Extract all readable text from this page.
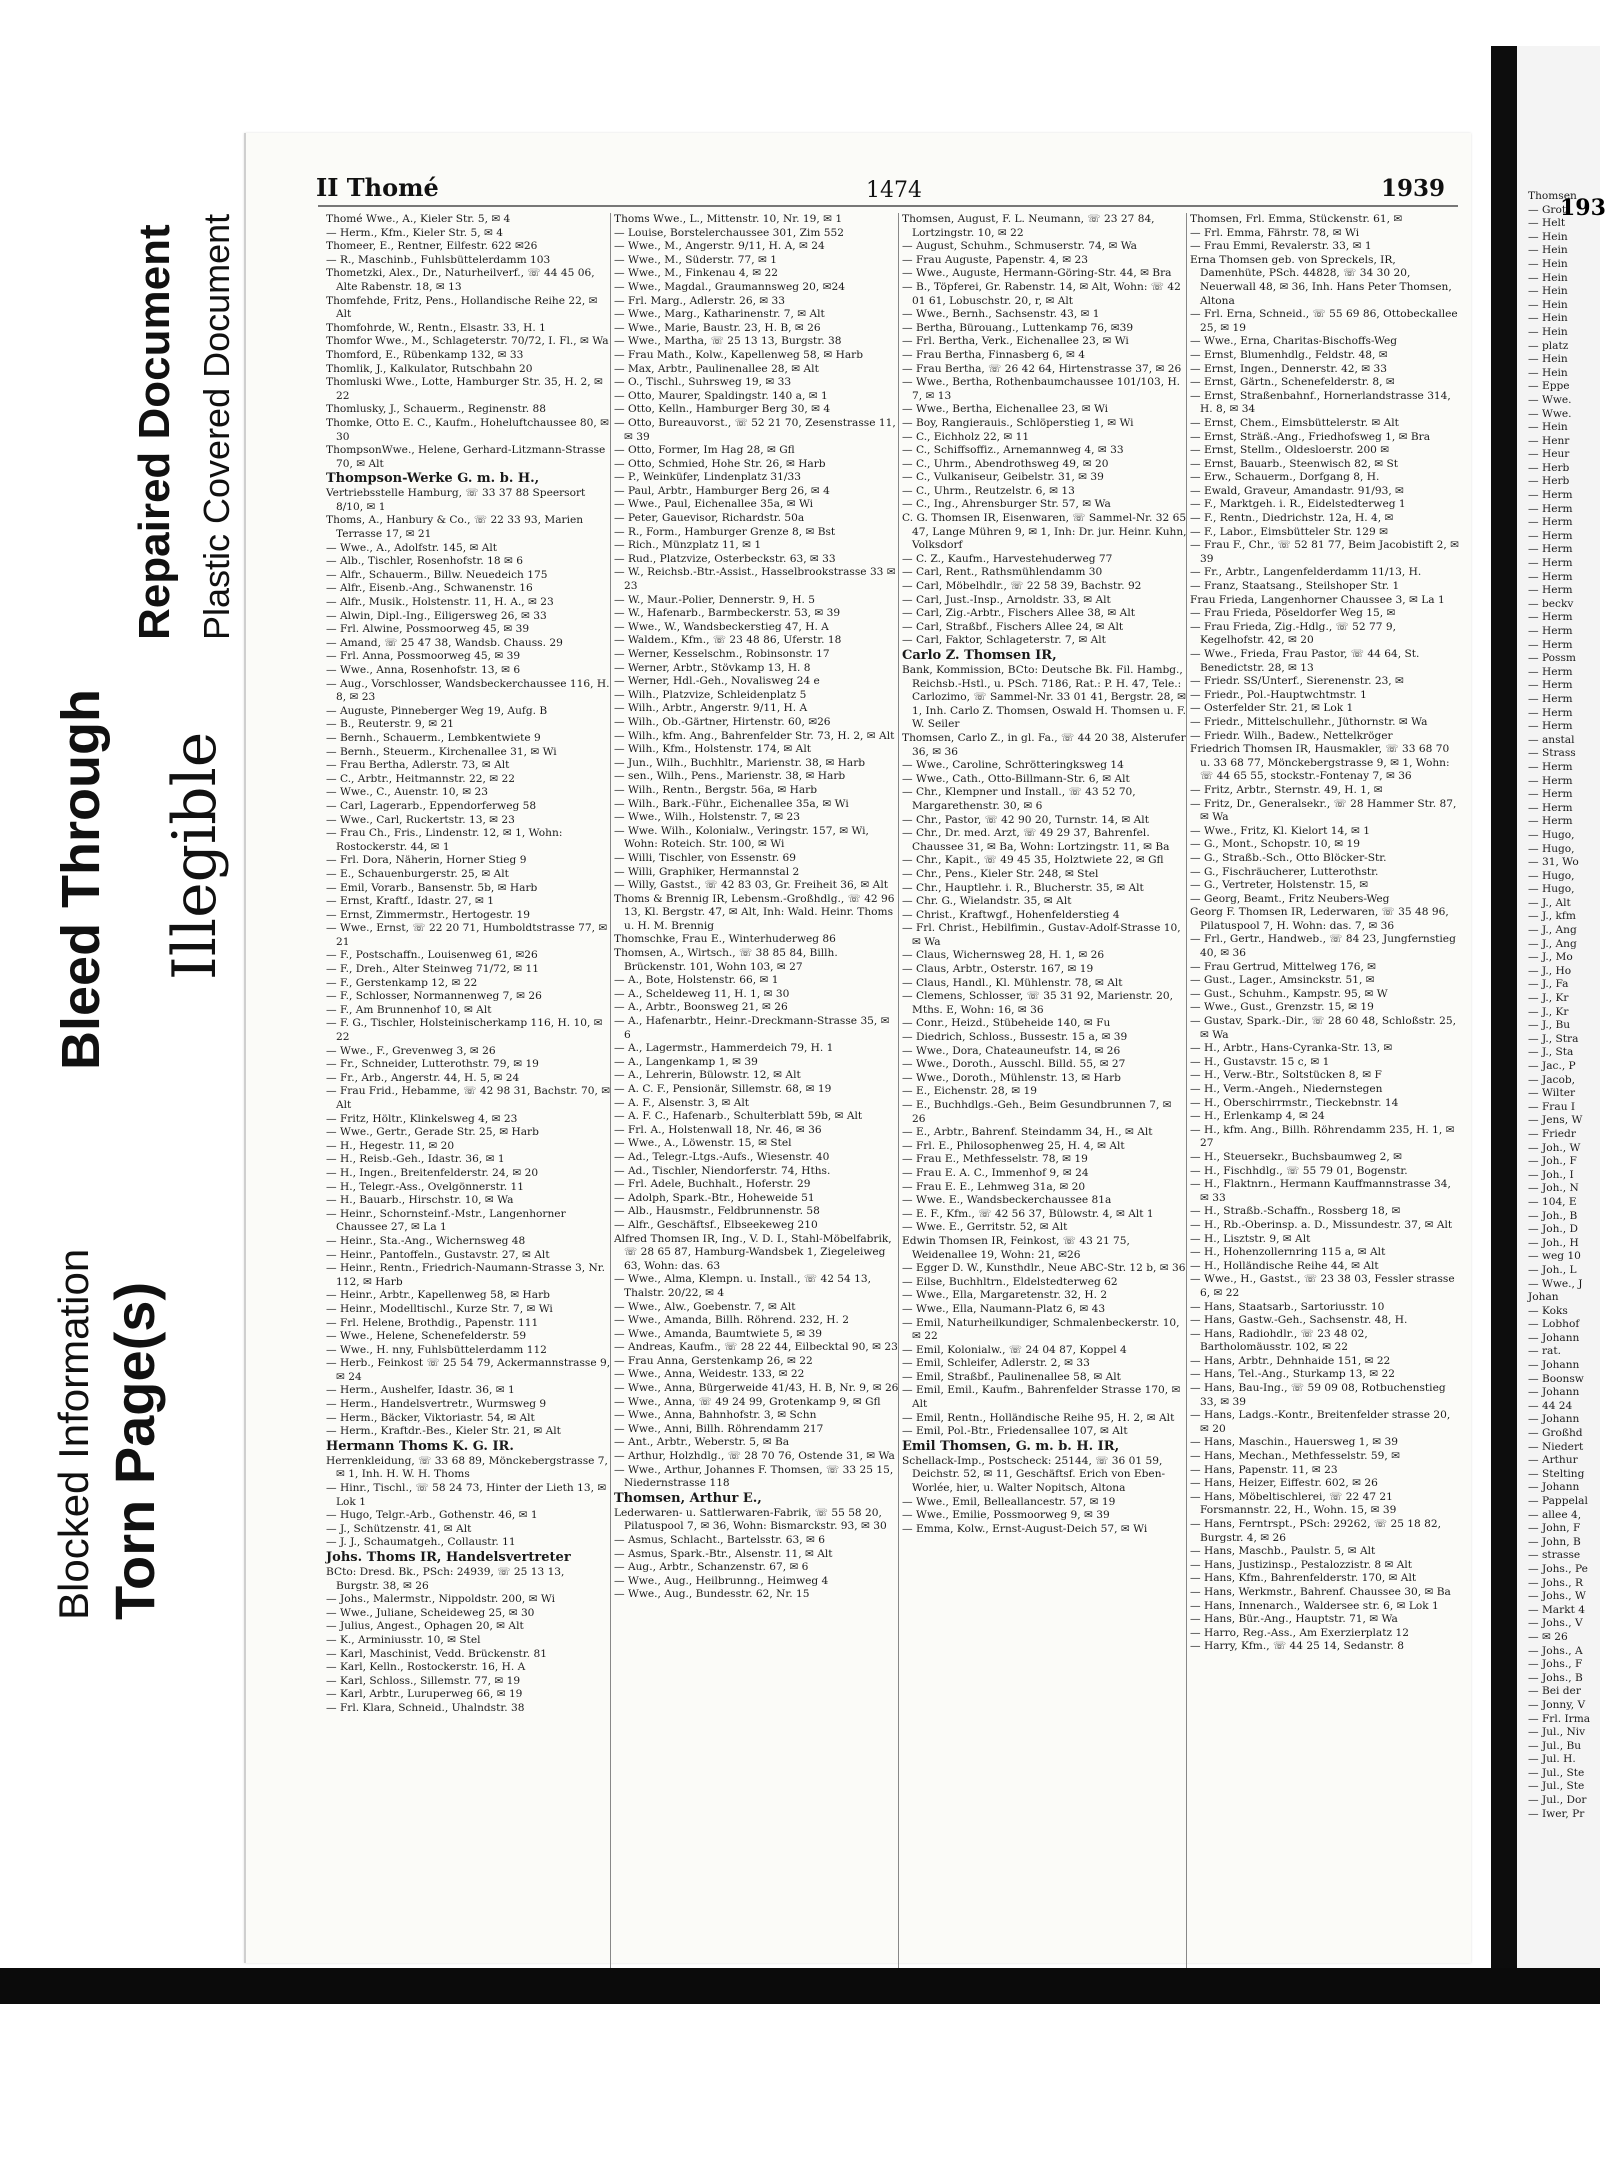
Blocked Information Torn Page(s)
Bleed Through Illegible
Repaired Document Plastic Covered Document
II Thomé	1474	1939
Thomé Wwe., A., Kieler Str. 5, ✉ 4
— Herm., Kfm., Kieler Str. 5, ✉ 4
Thomeer, E., Rentner, Eilfestr. 622 ✉26
— R., Maschinb., Fuhlsbüttelerdamm 103
Thometzki, Alex., Dr., Naturheilverf., ☏ 44 45 06, Alte Rabenstr. 18, ✉ 13
Thomfehde, Fritz, Pens., Hollandische Reihe 22, ✉ Alt
Thomfohrde, W., Rentn., Elsastr. 33, H. 1
Thomfor Wwe., M., Schlageterstr. 70/72, I. Fl., ✉ Wa
Thomford, E., Rübenkamp 132, ✉ 33
Thomlik, J., Kalkulator, Rutschbahn 20
Thomluski Wwe., Lotte, Hamburger Str. 35, H. 2, ✉ 22
Thomlusky, J., Schauerm., Reginenstr. 88
Thomke, Otto E. C., Kaufm., Hoheluftchaussee 80, ✉ 30
ThompsonWwe., Helene, Gerhard-Litzmann-Strasse 70, ✉ Alt
Thompson-Werke G. m. b. H.,
Vertriebsstelle Hamburg, ☏ 33 37 88 Speersort 8/10, ✉ 1
Thoms, A., Hanbury & Co., ☏ 22 33 93, Marien Terrasse 17, ✉ 21
— Wwe., A., Adolfstr. 145, ✉ Alt
— Alb., Tischler, Rosenhofstr. 18 ✉ 6
— Alfr., Schauerm., Billw. Neuedeich 175
— Alfr., Eisenb.-Ang., Schwanenstr. 16
— Alfr., Musik., Holstenstr. 11, H. A., ✉ 23
— Alwin, Dipl.-Ing., Eiligersweg 26, ✉ 33
— Frl. Alwine, Possmoorweg 45, ✉ 39
— Amand, ☏ 25 47 38, Wandsb. Chauss. 29
— Frl. Anna, Possmoorweg 45, ✉ 39
— Wwe., Anna, Rosenhofstr. 13, ✉ 6
— Aug., Vorschlosser, Wandsbeckerchaussee 116, H. 8, ✉ 23
— Auguste, Pinneberger Weg 19, Aufg. B
— B., Reuterstr. 9, ✉ 21
— Bernh., Schauerm., Lembkentwiete 9
— Bernh., Steuerm., Kirchenallee 31, ✉ Wi
— Frau Bertha, Adlerstr. 73, ✉ Alt
— C., Arbtr., Heitmannstr. 22, ✉ 22
— Wwe., C., Auenstr. 10, ✉ 23
— Carl, Lagerarb., Eppendorferweg 58
— Wwe., Carl, Ruckertstr. 13, ✉ 23
— Frau Ch., Fris., Lindenstr. 12, ✉ 1, Wohn: Rostockerstr. 44, ✉ 1
— Frl. Dora, Näherin, Horner Stieg 9
— E., Schauenburgerstr. 25, ✉ Alt
— Emil, Vorarb., Bansenstr. 5b, ✉ Harb
— Ernst, Kraftf., Idastr. 27, ✉ 1
— Ernst, Zimmermstr., Hertogestr. 19
— Wwe., Ernst, ☏ 22 20 71, Humboldtstrasse 77, ✉ 21
— F., Postschaffn., Louisenweg 61, ✉26
— F., Dreh., Alter Steinweg 71/72, ✉ 11
— F., Gerstenkamp 12, ✉ 22
— F., Schlosser, Normannenweg 7, ✉ 26
— F., Am Brunnenhof 10, ✉ Alt
— F. G., Tischler, Holsteinischerkamp 116, H. 10, ✉ 22
— Wwe., F., Grevenweg 3, ✉ 26
— Fr., Schneider, Lutterothstr. 79, ✉ 19
— Fr., Arb., Angerstr. 44, H. 5, ✉ 24
— Frau Frid., Hebamme, ☏ 42 98 31, Bachstr. 70, ✉ Alt
— Fritz, Höltr., Klinkelsweg 4, ✉ 23
— Wwe., Gertr., Gerade Str. 25, ✉ Harb
— H., Hegestr. 11, ✉ 20
— H., Reisb.-Geh., Idastr. 36, ✉ 1
— H., Ingen., Breitenfelderstr. 24, ✉ 20
— H., Telegr.-Ass., Ovelgönnerstr. 11
— H., Bauarb., Hirschstr. 10, ✉ Wa
— Heinr., Schornsteinf.-Mstr., Langenhorner Chaussee 27, ✉ La 1
— Heinr., Sta.-Ang., Wichernsweg 48
— Heinr., Pantoffeln., Gustavstr. 27, ✉ Alt
— Heinr., Rentn., Friedrich-Naumann-Strasse 3, Nr. 112, ✉ Harb
— Heinr., Arbtr., Kapellenweg 58, ✉ Harb
— Heinr., Modelltischl., Kurze Str. 7, ✉ Wi
— Frl. Helene, Brothdig., Papenstr. 111
— Wwe., Helene, Schenefelderstr. 59
— Wwe., H. nny, Fuhlsbüttelerdamm 112
— Herb., Feinkost ☏ 25 54 79, Ackermannstrasse 9, ✉ 24
— Herm., Aushelfer, Idastr. 36, ✉ 1
— Herm., Handelsvertretr., Wurmsweg 9
— Herm., Bäcker, Viktoriastr. 54, ✉ Alt
— Herm., Kraftdr.-Bes., Kieler Str. 21, ✉ Alt
Hermann Thoms K. G. IR.
Herrenkleidung, ☏ 33 68 89, Mönckebergstrasse 7, ✉ 1, Inh. H. W. H. Thoms
— Hinr., Tischl., ☏ 58 24 73, Hinter der Lieth 13, ✉ Lok 1
— Hugo, Telgr.-Arb., Gothenstr. 46, ✉ 1
— J., Schützenstr. 41, ✉ Alt
— J. J., Schaumatgeh., Collaustr. 11
Johs. Thoms IR, Handelsvertreter
BCto: Dresd. Bk., PSch: 24939, ☏ 25 13 13, Burgstr. 38, ✉ 26
— Johs., Malermstr., Nippoldstr. 200, ✉ Wi
— Wwe., Juliane, Scheideweg 25, ✉ 30
— Julius, Angest., Ophagen 20, ✉ Alt
— K., Arminiusstr. 10, ✉ Stel
— Karl, Maschinist, Vedd. Brückenstr. 81
— Karl, Kelln., Rostockerstr. 16, H. A
— Karl, Schloss., Sillemstr. 77, ✉ 19
— Karl, Arbtr., Luruperweg 66, ✉ 19
— Frl. Klara, Schneid., Uhalndstr. 38
Thoms Wwe., L., Mittenstr. 10, Nr. 19, ✉ 1
— Louise, Borstelerchaussee 301, Zim 552
— Wwe., M., Angerstr. 9/11, H. A, ✉ 24
— Wwe., M., Süderstr. 77, ✉ 1
— Wwe., M., Finkenau 4, ✉ 22
— Wwe., Magdal., Graumannsweg 20, ✉24
— Frl. Marg., Adlerstr. 26, ✉ 33
— Wwe., Marg., Katharinenstr. 7, ✉ Alt
— Wwe., Marie, Baustr. 23, H. B, ✉ 26
— Wwe., Martha, ☏ 25 13 13, Burgstr. 38
— Frau Math., Kolw., Kapellenweg 58, ✉ Harb
— Max, Arbtr., Paulinenallee 28, ✉ Alt
— O., Tischl., Suhrsweg 19, ✉ 33
— Otto, Maurer, Spaldingstr. 140 a, ✉ 1
— Otto, Kelln., Hamburger Berg 30, ✉ 4
— Otto, Bureauvorst., ☏ 52 21 70, Zesenstrasse 11, ✉ 39
— Otto, Former, Im Hag 28, ✉ Gfl
— Otto, Schmied, Hohe Str. 26, ✉ Harb
— P., Weinküfer, Lindenplatz 31/33
— Paul, Arbtr., Hamburger Berg 26, ✉ 4
— Wwe., Paul, Eichenallee 35a, ✉ Wi
— Peter, Gauevisor, Richardstr. 50a
— R., Form., Hamburger Grenze 8, ✉ Bst
— Rich., Münzplatz 11, ✉ 1
— Rud., Platzvize, Osterbeckstr. 63, ✉ 33
— W., Reichsb.-Btr.-Assist., Hasselbrookstrasse 33 ✉ 23
— W., Maur.-Polier, Dennerstr. 9, H. 5
— W., Hafenarb., Barmbeckerstr. 53, ✉ 39
— Wwe., W., Wandsbeckerstieg 47, H. A
— Waldem., Kfm., ☏ 23 48 86, Uferstr. 18
— Werner, Kesselschm., Robinsonstr. 17
— Werner, Arbtr., Stövkamp 13, H. 8
— Werner, Hdl.-Geh., Novalisweg 24 e
— Wilh., Platzvize, Schleidenplatz 5
— Wilh., Arbtr., Angerstr. 9/11, H. A
— Wilh., Ob.-Gärtner, Hirtenstr. 60, ✉26
— Wilh., kfm. Ang., Bahrenfelder Str. 73, H. 2, ✉ Alt
— Wilh., Kfm., Holstenstr. 174, ✉ Alt
— Jun., Wilh., Buchhltr., Marienstr. 38, ✉ Harb
— sen., Wilh., Pens., Marienstr. 38, ✉ Harb
— Wilh., Rentn., Bergstr. 56a, ✉ Harb
— Wilh., Bark.-Führ., Eichenallee 35a, ✉ Wi
— Wwe., Wilh., Holstenstr. 7, ✉ 23
— Wwe. Wilh., Kolonialw., Veringstr. 157, ✉ Wi, Wohn: Roteich. Str. 100, ✉ Wi
— Willi, Tischler, von Essenstr. 69
— Willi, Graphiker, Hermannstal 2
— Willy, Gastst., ☏ 42 83 03, Gr. Freiheit 36, ✉ Alt
Thoms & Brennig IR, Lebensm.-Großhdlg., ☏ 42 96 13, Kl. Bergstr. 47, ✉ Alt, Inh: Wald. Heinr. Thoms u. H. M. Brennig
Thomschke, Frau E., Winterhuderweg 86
Thomsen, A., Wirtsch., ☏ 38 85 84, Billh. Brückenstr. 101, Wohn 103, ✉ 27
— A., Bote, Holstenstr. 66, ✉ 1
— A., Scheldeweg 11, H. 1, ✉ 30
— A., Arbtr., Boonsweg 21, ✉ 26
— A., Hafenarbtr., Heinr.-Dreckmann-Strasse 35, ✉ 6
— A., Lagermstr., Hammerdeich 79, H. 1
— A., Langenkamp 1, ✉ 39
— A., Lehrerin, Bülowstr. 12, ✉ Alt
— A. C. F., Pensionär, Sillemstr. 68, ✉ 19
— A. F., Alsenstr. 3, ✉ Alt
— A. F. C., Hafenarb., Schulterblatt 59b, ✉ Alt
— Frl. A., Holstenwall 18, Nr. 46, ✉ 36
— Wwe., A., Löwenstr. 15, ✉ Stel
— Ad., Telegr.-Ltgs.-Aufs., Wiesenstr. 40
— Ad., Tischler, Niendorferstr. 74, Hths.
— Frl. Adele, Buchhalt., Hoferstr. 29
— Adolph, Spark.-Btr., Hoheweide 51
— Alb., Hausmstr., Feldbrunnenstr. 58
— Alfr., Geschäftsf., Elbseekeweg 210
Alfred Thomsen IR, Ing., V. D. I., Stahl-Möbelfabrik, ☏ 28 65 87, Hamburg-Wandsbek 1, Ziegeleiweg 63, Wohn: das. 63
— Wwe., Alma, Klempn. u. Install., ☏ 42 54 13, Thalstr. 20/22, ✉ 4
— Wwe., Alw., Goebenstr. 7, ✉ Alt
— Wwe., Amanda, Billh. Röhrend. 232, H. 2
— Wwe., Amanda, Baumtwiete 5, ✉ 39
— Andreas, Kaufm., ☏ 28 22 44, Eilbecktal 90, ✉ 23
— Frau Anna, Gerstenkamp 26, ✉ 22
— Wwe., Anna, Weidestr. 133, ✉ 22
— Wwe., Anna, Bürgerweide 41/43, H. B, Nr. 9, ✉ 26
— Wwe., Anna, ☏ 49 24 99, Grotenkamp 9, ✉ Gfl
— Wwe., Anna, Bahnhofstr. 3, ✉ Schn
— Wwe., Anni, Billh. Röhrendamm 217
— Ant., Arbtr., Weberstr. 5, ✉ Ba
— Arthur, Holzhdlg., ☏ 28 70 76, Ostende 31, ✉ Wa
— Wwe., Arthur, Johannes F. Thomsen, ☏ 33 25 15, Niedernstrasse 118
Thomsen, Arthur E.,
Lederwaren- u. Sattlerwaren-Fabrik, ☏ 55 58 20, Pilatuspool 7, ✉ 36, Wohn: Bismarckstr. 93, ✉ 30
— Asmus, Schlacht., Bartelsstr. 63, ✉ 6
— Asmus, Spark.-Btr., Alsenstr. 11, ✉ Alt
— Aug., Arbtr., Schanzenstr. 67, ✉ 6
— Wwe., Aug., Heilbrunng., Heimweg 4
— Wwe., Aug., Bundesstr. 62, Nr. 15
Thomsen, August, F. L. Neumann, ☏ 23 27 84, Lortzingstr. 10, ✉ 22
— August, Schuhm., Schmuserstr. 74, ✉ Wa
— Frau Auguste, Papenstr. 4, ✉ 23
— Wwe., Auguste, Hermann-Göring-Str. 44, ✉ Bra
— B., Töpferei, Gr. Rabenstr. 14, ✉ Alt, Wohn: ☏ 42 01 61, Lobuschstr. 20, r, ✉ Alt
— Wwe., Bernh., Sachsenstr. 43, ✉ 1
— Bertha, Bürouang., Luttenkamp 76, ✉39
— Frl. Bertha, Verk., Eichenallee 23, ✉ Wi
— Frau Bertha, Finnasberg 6, ✉ 4
— Frau Bertha, ☏ 26 42 64, Hirtenstrasse 37, ✉ 26
— Wwe., Bertha, Rothenbaumchaussee 101/103, H. 7, ✉ 13
— Wwe., Bertha, Eichenallee 23, ✉ Wi
— Boy, Rangierauis., Schlöperstieg 1, ✉ Wi
— C., Eichholz 22, ✉ 11
— C., Schiffsoffiz., Arnemannweg 4, ✉ 33
— C., Uhrm., Abendrothsweg 49, ✉ 20
— C., Vulkaniseur, Geibelstr. 31, ✉ 39
— C., Uhrm., Reutzelstr. 6, ✉ 13
— C., Ing., Ahrensburger Str. 57, ✉ Wa
C. G. Thomsen IR, Eisenwaren, ☏ Sammel-Nr. 32 65 47, Lange Mühren 9, ✉ 1, Inh: Dr. jur. Heinr. Kuhn, Volksdorf
— C. Z., Kaufm., Harvestehuderweg 77
— Carl, Rent., Rathsmühlendamm 30
— Carl, Möbelhdlr., ☏ 22 58 39, Bachstr. 92
— Carl, Just.-Insp., Arnoldstr. 33, ✉ Alt
— Carl, Zig.-Arbtr., Fischers Allee 38, ✉ Alt
— Carl, Straßbf., Fischers Allee 24, ✉ Alt
— Carl, Faktor, Schlageterstr. 7, ✉ Alt
Carlo Z. Thomsen IR,
Bank, Kommission, BCto: Deutsche Bk. Fil. Hambg., Reichsb.-Hstl., u. PSch. 7186, Rat.: P. H. 47, Tele.: Carlozimo, ☏ Sammel-Nr. 33 01 41, Bergstr. 28, ✉ 1, Inh. Carlo Z. Thomsen, Oswald H. Thomsen u. F. W. Seiler
Thomsen, Carlo Z., in gl. Fa., ☏ 44 20 38, Alsterufer 36, ✉ 36
— Wwe., Caroline, Schrötteringksweg 14
— Wwe., Cath., Otto-Billmann-Str. 6, ✉ Alt
— Chr., Klempner und Install., ☏ 43 52 70, Margarethenstr. 30, ✉ 6
— Chr., Pastor, ☏ 42 90 20, Turnstr. 14, ✉ Alt
— Chr., Dr. med. Arzt, ☏ 49 29 37, Bahrenfel. Chaussee 31, ✉ Ba, Wohn: Lortzingstr. 11, ✉ Ba
— Chr., Kapit., ☏ 49 45 35, Holztwiete 22, ✉ Gfl
— Chr., Pens., Kieler Str. 248, ✉ Stel
— Chr., Hauptlehr. i. R., Blucherstr. 35, ✉ Alt
— Chr. G., Wielandstr. 35, ✉ Alt
— Christ., Kraftwgf., Hohenfelderstieg 4
— Frl. Christ., Hebilfimin., Gustav-Adolf-Strasse 10, ✉ Wa
— Claus, Wichernsweg 28, H. 1, ✉ 26
— Claus, Arbtr., Osterstr. 167, ✉ 19
— Claus, Handl., Kl. Mühlenstr. 78, ✉ Alt
— Clemens, Schlosser, ☏ 35 31 92, Marienstr. 20, Mths. E, Wohn: 16, ✉ 36
— Conr., Heizd., Stübeheide 140, ✉ Fu
— Diedrich, Schloss., Bussestr. 15 a, ✉ 39
— Wwe., Dora, Chateauneufstr. 14, ✉ 26
— Wwe., Doroth., Ausschl. Billd. 55, ✉ 27
— Wwe., Doroth., Mühlenstr. 13, ✉ Harb
— E., Eichenstr. 28, ✉ 19
— E., Buchhdlgs.-Geh., Beim Gesundbrunnen 7, ✉ 26
— E., Arbtr., Bahrenf. Steindamm 34, H., ✉ Alt
— Frl. E., Philosophenweg 25, H. 4, ✉ Alt
— Frau E., Methfesselstr. 78, ✉ 19
— Frau E. A. C., Immenhof 9, ✉ 24
— Frau E. E., Lehmweg 31a, ✉ 20
— Wwe. E., Wandsbeckerchaussee 81a
— E. F., Kfm., ☏ 42 56 37, Bülowstr. 4, ✉ Alt 1
— Wwe. E., Gerritstr. 52, ✉ Alt
Edwin Thomsen IR, Feinkost, ☏ 43 21 75, Weidenallee 19, Wohn: 21, ✉26
— Egger D. W., Kunsthdlr., Neue ABC-Str. 12 b, ✉ 36
— Eilse, Buchhltrn., Eldelstedterweg 62
— Wwe., Ella, Margaretenstr. 32, H. 2
— Wwe., Ella, Naumann-Platz 6, ✉ 43
— Emil, Naturheilkundiger, Schmalenbeckerstr. 10, ✉ 22
— Emil, Kolonialw., ☏ 24 04 87, Koppel 4
— Emil, Schleifer, Adlerstr. 2, ✉ 33
— Emil, Straßbf., Paulinenallee 58, ✉ Alt
— Emil, Emil., Kaufm., Bahrenfelder Strasse 170, ✉ Alt
— Emil, Rentn., Holländische Reihe 95, H. 2, ✉ Alt
— Emil, Pol.-Btr., Friedensallee 107, ✉ Alt
Emil Thomsen, G. m. b. H. IR,
Schellack-Imp., Postscheck: 25144, ☏ 36 01 59, Deichstr. 52, ✉ 11, Geschäftsf. Erich von Eben-Worlée, hier, u. Walter Nopitsch, Altona
— Wwe., Emil, Belleallancestr. 57, ✉ 19
— Wwe., Emilie, Possmoorweg 9, ✉ 39
— Emma, Kolw., Ernst-August-Deich 57, ✉ Wi
Thomsen, Frl. Emma, Stückenstr. 61, ✉
— Frl. Emma, Fährstr. 78, ✉ Wi
— Frau Emmi, Revalerstr. 33, ✉ 1
Erna Thomsen geb. von Spreckels, IR, Damenhüte, PSch. 44828, ☏ 34 30 20, Neuerwall 48, ✉ 36, Inh. Hans Peter Thomsen, Altona
— Frl. Erna, Schneid., ☏ 55 69 86, Ottobeckallee 25, ✉ 19
— Wwe., Erna, Charitas-Bischoffs-Weg
— Ernst, Blumenhdlg., Feldstr. 48, ✉
— Ernst, Ingen., Dennerstr. 42, ✉ 33
— Ernst, Gärtn., Schenefelderstr. 8, ✉
— Ernst, Straßenbahnf., Hornerlandstrasse 314, H. 8, ✉ 34
— Ernst, Chem., Eimsbüttelerstr. ✉ Alt
— Ernst, Sträß.-Ang., Friedhofsweg 1, ✉ Bra
— Ernst, Stellm., Oldesloerstr. 200 ✉
— Ernst, Bauarb., Steenwisch 82, ✉ St
— Erw., Schauerm., Dorfgang 8, H.
— Ewald, Graveur, Amandastr. 91/93, ✉
— F., Marktgeh. i. R., Eidelstedterweg 1
— F., Rentn., Diedrichstr. 12a, H. 4, ✉
— F., Labor., Eimsbütteler Str. 129 ✉
— Frau F., Chr., ☏ 52 81 77, Beim Jacobistift 2, ✉ 39
— Fr., Arbtr., Langenfelderdamm 11/13, H.
— Franz, Staatsang., Steilshoper Str. 1
Frau Frieda, Langenhorner Chaussee 3, ✉ La 1
— Frau Frieda, Pöseldorfer Weg 15, ✉
— Frau Frieda, Zig.-Hdlg., ☏ 52 77 9, Kegelhofstr. 42, ✉ 20
— Wwe., Frieda, Frau Pastor, ☏ 44 64, St. Benedictstr. 28, ✉ 13
— Friedr. SS/Unterf., Sierenenstr. 23, ✉
— Friedr., Pol.-Hauptwchtmstr. 1
— Osterfelder Str. 21, ✉ Lok 1
— Friedr., Mittelschullehr., Jüthornstr. ✉ Wa
— Friedr. Wilh., Badew., Nettelkröger
Friedrich Thomsen IR, Hausmakler, ☏ 33 68 70 u. 33 68 77, Mönckebergstrasse 9, ✉ 1, Wohn: ☏ 44 65 55, stockstr.-Fontenay 7, ✉ 36
— Fritz, Arbtr., Sternstr. 49, H. 1, ✉
— Fritz, Dr., Generalsekr., ☏ 28 Hammer Str. 87, ✉ Wa
— Wwe., Fritz, Kl. Kielort 14, ✉ 1
— G., Mont., Schopstr. 10, ✉ 19
— G., Straßb.-Sch., Otto Blöcker-Str.
— G., Fischräucherer, Lutterothstr.
— G., Vertreter, Holstenstr. 15, ✉
— Georg, Beamt., Fritz Neubers-Weg
Georg F. Thomsen IR, Lederwaren, ☏ 35 48 96, Pilatuspool 7, H. Wohn: das. 7, ✉ 36
— Frl., Gertr., Handweb., ☏ 84 23, Jungfernstieg 40, ✉ 36
— Frau Gertrud, Mittelweg 176, ✉
— Gust., Lager., Amsinckstr. 51, ✉
— Gust., Schuhm., Kampstr. 95, ✉ W
— Wwe., Gust., Grenzstr. 15, ✉ 19
— Gustav, Spark.-Dir., ☏ 28 60 48, Schloßstr. 25, ✉ Wa
— H., Arbtr., Hans-Cyranka-Str. 13, ✉
— H., Gustavstr. 15 c, ✉ 1
— H., Verw.-Btr., Soltstücken 8, ✉ F
— H., Verm.-Angeh., Niedernstegen
— H., Oberschirrmstr., Tieckebnstr. 14
— H., Erlenkamp 4, ✉ 24
— H., kfm. Ang., Billh. Röhrendamm 235, H. 1, ✉ 27
— H., Steuersekr., Buchsbaumweg 2, ✉
— H., Fischhdlg., ☏ 55 79 01, Bogenstr.
— H., Flaktnrn., Hermann Kauffmannstrasse 34, ✉ 33
— H., Straßb.-Schaffn., Rossberg 18, ✉
— H., Rb.-Oberinsp. a. D., Missundestr. 37, ✉ Alt
— H., Lisztstr. 9, ✉ Alt
— H., Hohenzollernring 115 a, ✉ Alt
— H., Holländische Reihe 44, ✉ Alt
— Wwe., H., Gastst., ☏ 23 38 03, Fessler strasse 6, ✉ 22
— Hans, Staatsarb., Sartoriusstr. 10
— Hans, Gastw.-Geh., Sachsenstr. 48, H.
— Hans, Radiohdlr., ☏ 23 48 02, Bartholomäusstr. 102, ✉ 22
— Hans, Arbtr., Dehnhaide 151, ✉ 22
— Hans, Tel.-Ang., Sturkamp 13, ✉ 22
— Hans, Bau-Ing., ☏ 59 09 08, Rotbuchenstieg 33, ✉ 39
— Hans, Ladgs.-Kontr., Breitenfelder strasse 20, ✉ 20
— Hans, Maschin., Hauersweg 1, ✉ 39
— Hans, Mechan., Methfesselstr. 59, ✉
— Hans, Papenstr. 11, ✉ 23
— Hans, Heizer, Eiffestr. 602, ✉ 26
— Hans, Möbeltischlerei, ☏ 22 47 21 Forsmannstr. 22, H., Wohn. 15, ✉ 39
— Hans, Ferntrspt., PSch: 29262, ☏ 25 18 82, Burgstr. 4, ✉ 26
— Hans, Maschb., Paulstr. 5, ✉ Alt
— Hans, Justizinsp., Pestalozzistr. 8 ✉ Alt
— Hans, Kfm., Bahrenfelderstr. 170, ✉ Alt
— Hans, Werkmstr., Bahrenf. Chaussee 30, ✉ Ba
— Hans, Innenarch., Waldersee str. 6, ✉ Lok 1
— Hans, Bür.-Ang., Hauptstr. 71, ✉ Wa
— Harro, Reg.-Ass., Am Exerzierplatz 12
— Harry, Kfm., ☏ 44 25 14, Sedanstr. 8
193
Thomsen
— Grot
— Helt
— Hein
— Hein
— Hein
— Hein
— Hein
— Hein
— Hein
— Hein
— platz
— Hein
— Hein
— Eppe
— Wwe.
— Wwe.
— Hein
— Henr
— Heur
— Herb
— Herb
— Herm
— Herm
— Herm
— Herm
— Herm
— Herm
— Herm
— Herm
— beckv
— Herm
— Herm
— Herm
— Possm
— Herm
— Herm
— Herm
— Herm
— Herm
— anstal
— Strass
— Herm
— Herm
— Herm
— Herm
— Herm
— Hugo,
— Hugo,
— 31, Wo
— Hugo,
— Hugo,
— J., Alt
— J., kfm
— J., Ang
— J., Ang
— J., Mo
— J., Ho
— J., Fa
— J., Kr
— J., Kr
— J., Bu
— J., Stra
— J., Sta
— Jac., P
— Jacob,
— Wilter
— Frau I
— Jens, W
— Friedr
— Joh., W
— Joh., F
— Joh., I
— Joh., N
— 104, E
— Joh., B
— Joh., D
— Joh., H
— weg 10
— Joh., L
— Wwe., J
Johan
— Koks
— Lobhof
— Johann
— rat.
— Johann
— Boonsw
— Johann
— 44 24
— Johann
— Großhd
— Niedert
— Arthur
— Stelting
— Johann
— Pappelal
— allee 4,
— John, F
— John, B
— strasse
— Johs., Pe
— Johs., R
— Johs., W
— Markt 4
— Johs., V
— ✉ 26
— Johs., A
— Johs., F
— Johs., B
— Bei der
— Jonny, V
— Frl. Irma
— Jul., Niv
— Jul., Bu
— Jul. H.
— Jul., Ste
— Jul., Ste
— Jul., Dor
— Iwer, Pr
